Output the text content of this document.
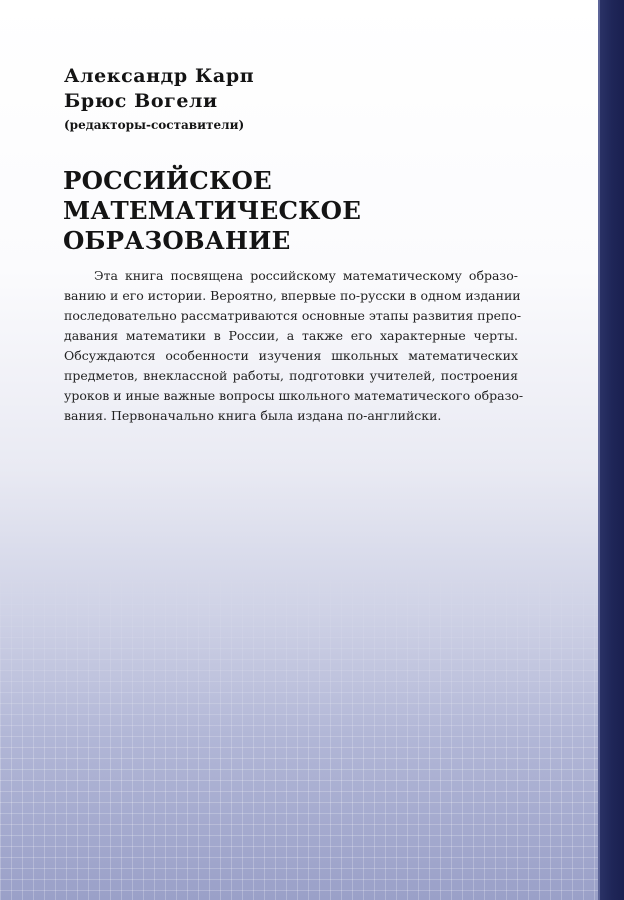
Александр Карп
Брюс Вогели
(редакторы-составители)
РОССИЙСКОЕ
МАТЕМАТИЧЕСКОЕ
ОБРАЗОВАНИЕ
Эта книга посвящена российскому математическому образо-
ванию и его истории. Вероятно, впервые по-русски в одном издании
последовательно рассматриваются основные этапы развития препо-
давания математики в России, а также его характерные черты.
Обсуждаются особенности изучения школьных математических
предметов, внеклассной работы, подготовки учителей, построения
уроков и иные важные вопросы школьного математического образо-
вания. Первоначально книга была издана по-английски.
